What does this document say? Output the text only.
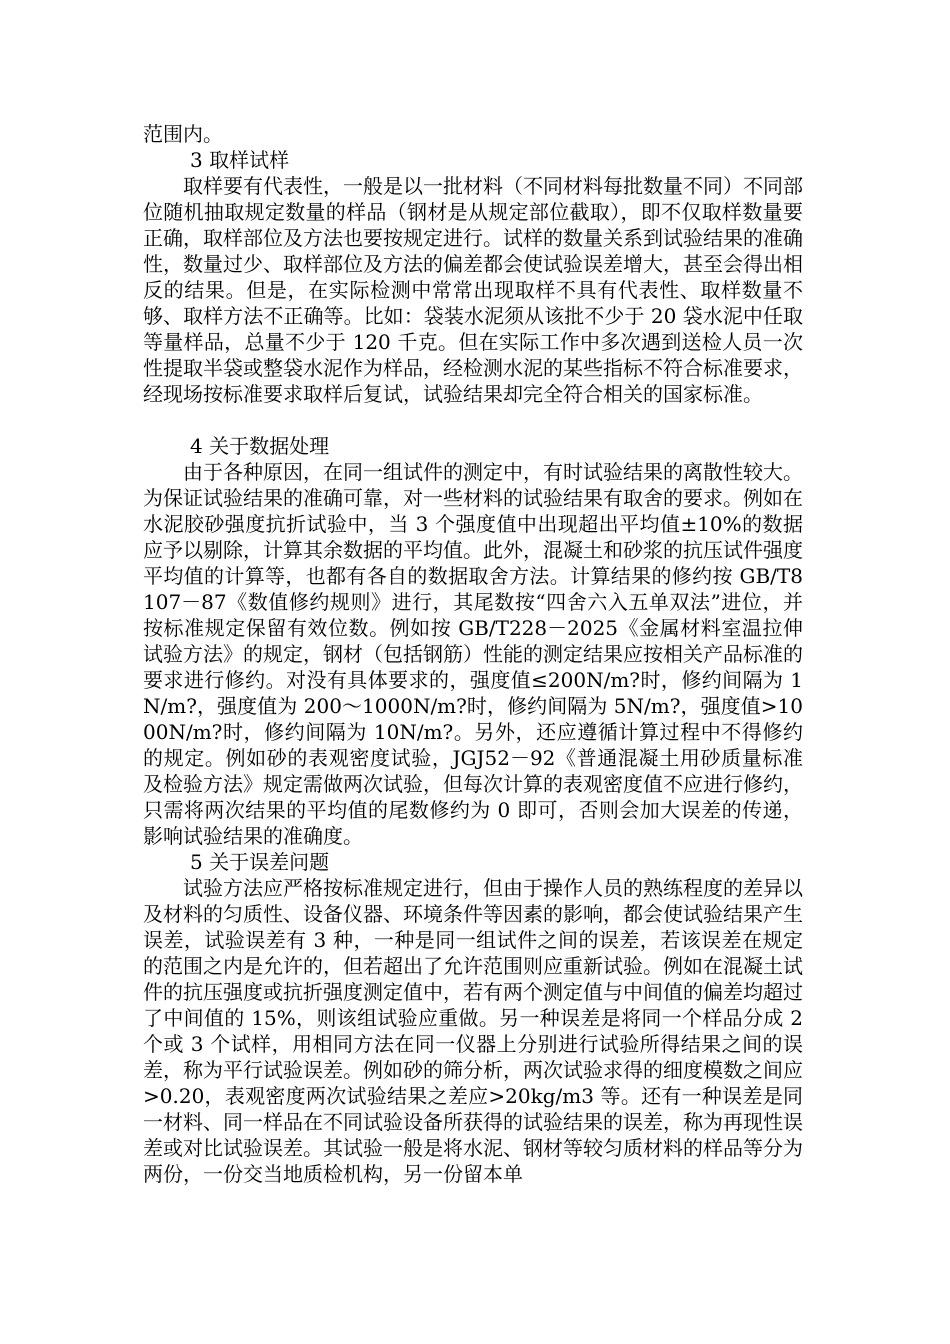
范围内。

3 取样试样

取样要有代表性，一般是以一批材料（不同材料每批数量不同）不同部位随机抽取规定数量的样品（钢材是从规定部位截取），即不仅取样数量要正确，取样部位及方法也要按规定进行。试样的数量关系到试验结果的准确性，数量过少、取样部位及方法的偏差都会使试验误差增大，甚至会得出相反的结果。但是，在实际检测中常常出现取样不具有代表性、取样数量不够、取样方法不正确等。比如：袋装水泥须从该批不少于 20 袋水泥中任取等量样品，总量不少于 120 千克。但在实际工作中多次遇到送检人员一次性提取半袋或整袋水泥作为样品，经检测水泥的某些指标不符合标准要求，经现场按标准要求取样后复试，试验结果却完全符合相关的国家标准。

4 关于数据处理

由于各种原因，在同一组试件的测定中，有时试验结果的离散性较大。为保证试验结果的准确可靠，对一些材料的试验结果有取舍的要求。例如在水泥胶砂强度抗折试验中，当 3 个强度值中出现超出平均值±10%的数据应予以剔除，计算其余数据的平均值。此外，混凝土和砂浆的抗压试件强度平均值的计算等，也都有各自的数据取舍方法。计算结果的修约按 GB/T8107－87《数值修约规则》进行，其尾数按“四舍六入五单双法”进位，并按标准规定保留有效位数。例如按 GB/T228－2025《金属材料室温拉伸试验方法》的规定，钢材（包括钢筋）性能的测定结果应按相关产品标准的要求进行修约。对没有具体要求的，强度值≤200N/m?时，修约间隔为 1N/m?，强度值为 200～1000N/m?时，修约间隔为 5N/m?，强度值>1000N/m?时，修约间隔为 10N/m?。另外，还应遵循计算过程中不得修约的规定。例如砂的表观密度试验，JGJ52－92《普通混凝土用砂质量标准及检验方法》规定需做两次试验，但每次计算的表观密度值不应进行修约，只需将两次结果的平均值的尾数修约为 0 即可，否则会加大误差的传递，影响试验结果的准确度。

5 关于误差问题

试验方法应严格按标准规定进行，但由于操作人员的熟练程度的差异以及材料的匀质性、设备仪器、环境条件等因素的影响，都会使试验结果产生误差，试验误差有 3 种，一种是同一组试件之间的误差，若该误差在规定的范围之内是允许的，但若超出了允许范围则应重新试验。例如在混凝土试件的抗压强度或抗折强度测定值中，若有两个测定值与中间值的偏差均超过了中间值的 15%，则该组试验应重做。另一种误差是将同一个样品分成 2 个或 3 个试样，用相同方法在同一仪器上分别进行试验所得结果之间的误差，称为平行试验误差。例如砂的筛分析，两次试验求得的细度模数之间应>0.20，表观密度两次试验结果之差应>20kg/m3 等。还有一种误差是同一材料、同一样品在不同试验设备所获得的试验结果的误差，称为再现性误差或对比试验误差。其试验一般是将水泥、钢材等较匀质材料的样品等分为两份，一份交当地质检机构，另一份留本单
